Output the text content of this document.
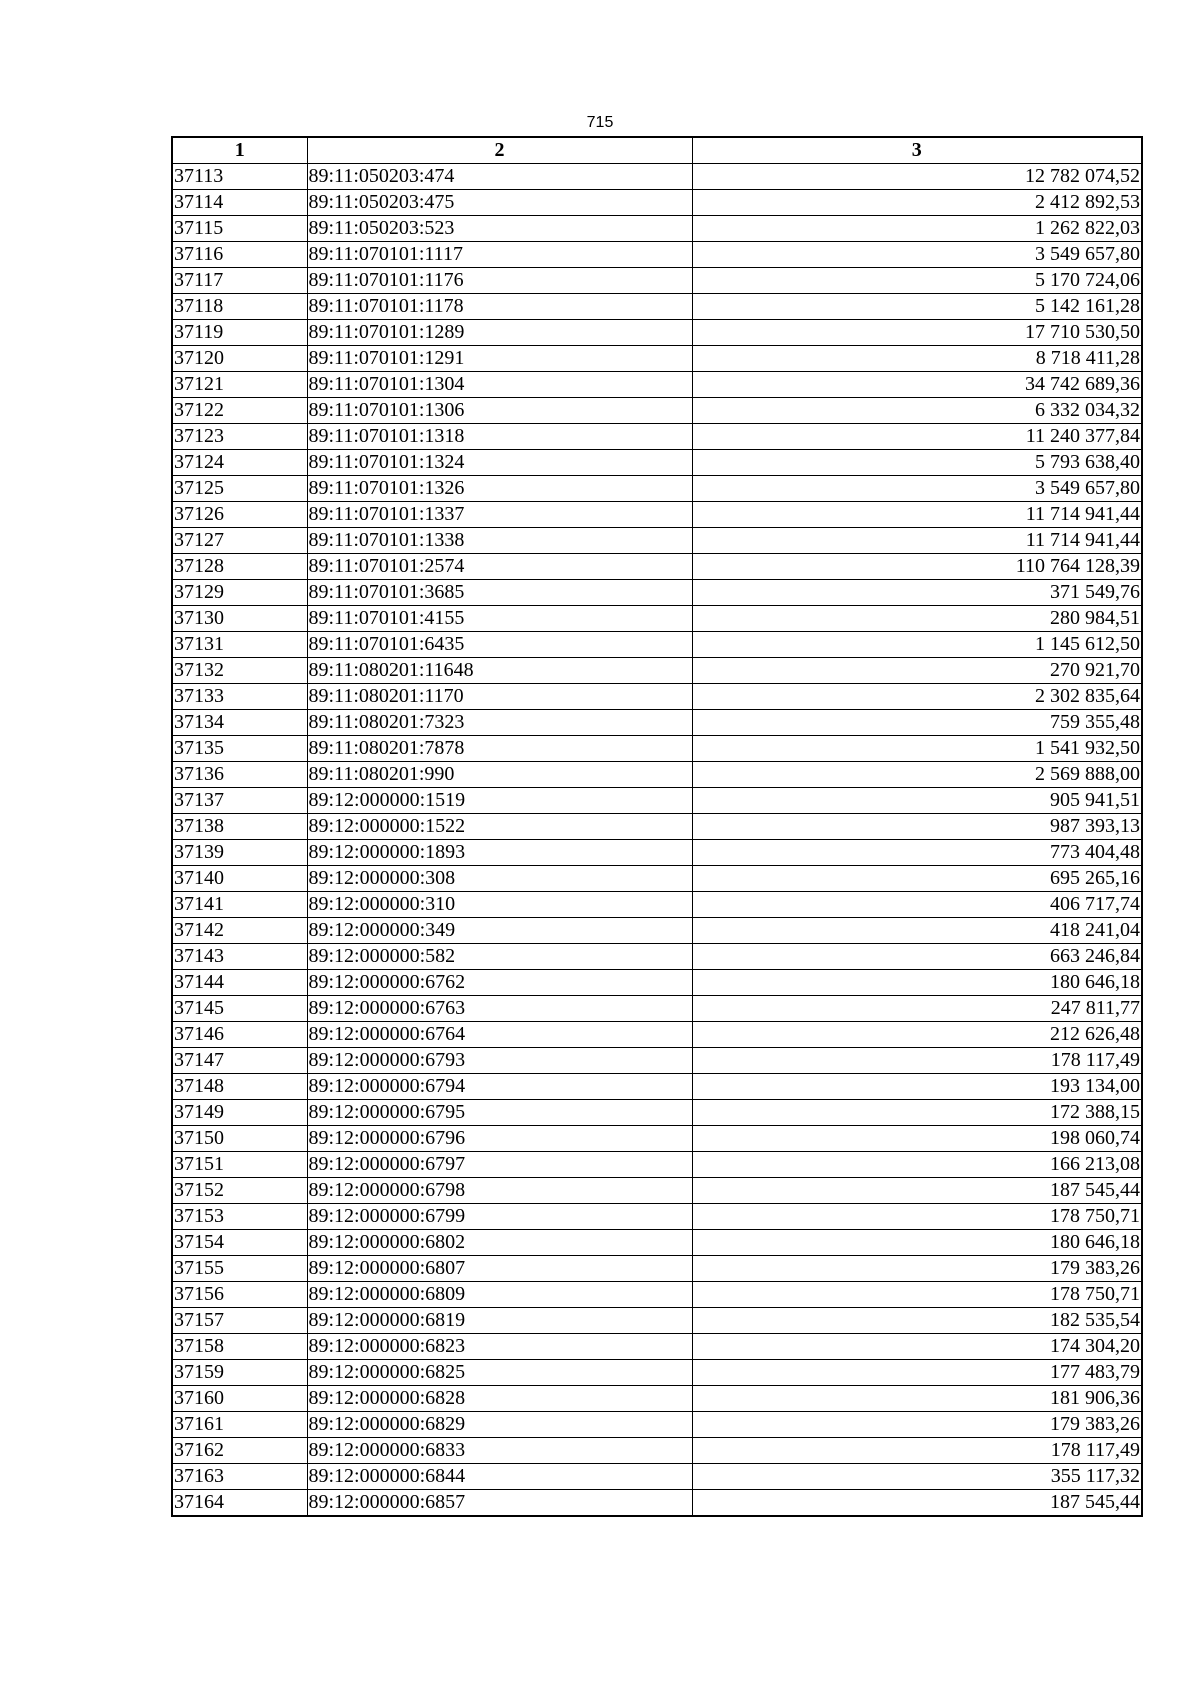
715
1	2	3
37113	89:11:050203:474	12 782 074,52
37114	89:11:050203:475	2 412 892,53
37115	89:11:050203:523	1 262 822,03
37116	89:11:070101:1117	3 549 657,80
37117	89:11:070101:1176	5 170 724,06
37118	89:11:070101:1178	5 142 161,28
37119	89:11:070101:1289	17 710 530,50
37120	89:11:070101:1291	8 718 411,28
37121	89:11:070101:1304	34 742 689,36
37122	89:11:070101:1306	6 332 034,32
37123	89:11:070101:1318	11 240 377,84
37124	89:11:070101:1324	5 793 638,40
37125	89:11:070101:1326	3 549 657,80
37126	89:11:070101:1337	11 714 941,44
37127	89:11:070101:1338	11 714 941,44
37128	89:11:070101:2574	110 764 128,39
37129	89:11:070101:3685	371 549,76
37130	89:11:070101:4155	280 984,51
37131	89:11:070101:6435	1 145 612,50
37132	89:11:080201:11648	270 921,70
37133	89:11:080201:1170	2 302 835,64
37134	89:11:080201:7323	759 355,48
37135	89:11:080201:7878	1 541 932,50
37136	89:11:080201:990	2 569 888,00
37137	89:12:000000:1519	905 941,51
37138	89:12:000000:1522	987 393,13
37139	89:12:000000:1893	773 404,48
37140	89:12:000000:308	695 265,16
37141	89:12:000000:310	406 717,74
37142	89:12:000000:349	418 241,04
37143	89:12:000000:582	663 246,84
37144	89:12:000000:6762	180 646,18
37145	89:12:000000:6763	247 811,77
37146	89:12:000000:6764	212 626,48
37147	89:12:000000:6793	178 117,49
37148	89:12:000000:6794	193 134,00
37149	89:12:000000:6795	172 388,15
37150	89:12:000000:6796	198 060,74
37151	89:12:000000:6797	166 213,08
37152	89:12:000000:6798	187 545,44
37153	89:12:000000:6799	178 750,71
37154	89:12:000000:6802	180 646,18
37155	89:12:000000:6807	179 383,26
37156	89:12:000000:6809	178 750,71
37157	89:12:000000:6819	182 535,54
37158	89:12:000000:6823	174 304,20
37159	89:12:000000:6825	177 483,79
37160	89:12:000000:6828	181 906,36
37161	89:12:000000:6829	179 383,26
37162	89:12:000000:6833	178 117,49
37163	89:12:000000:6844	355 117,32
37164	89:12:000000:6857	187 545,44
